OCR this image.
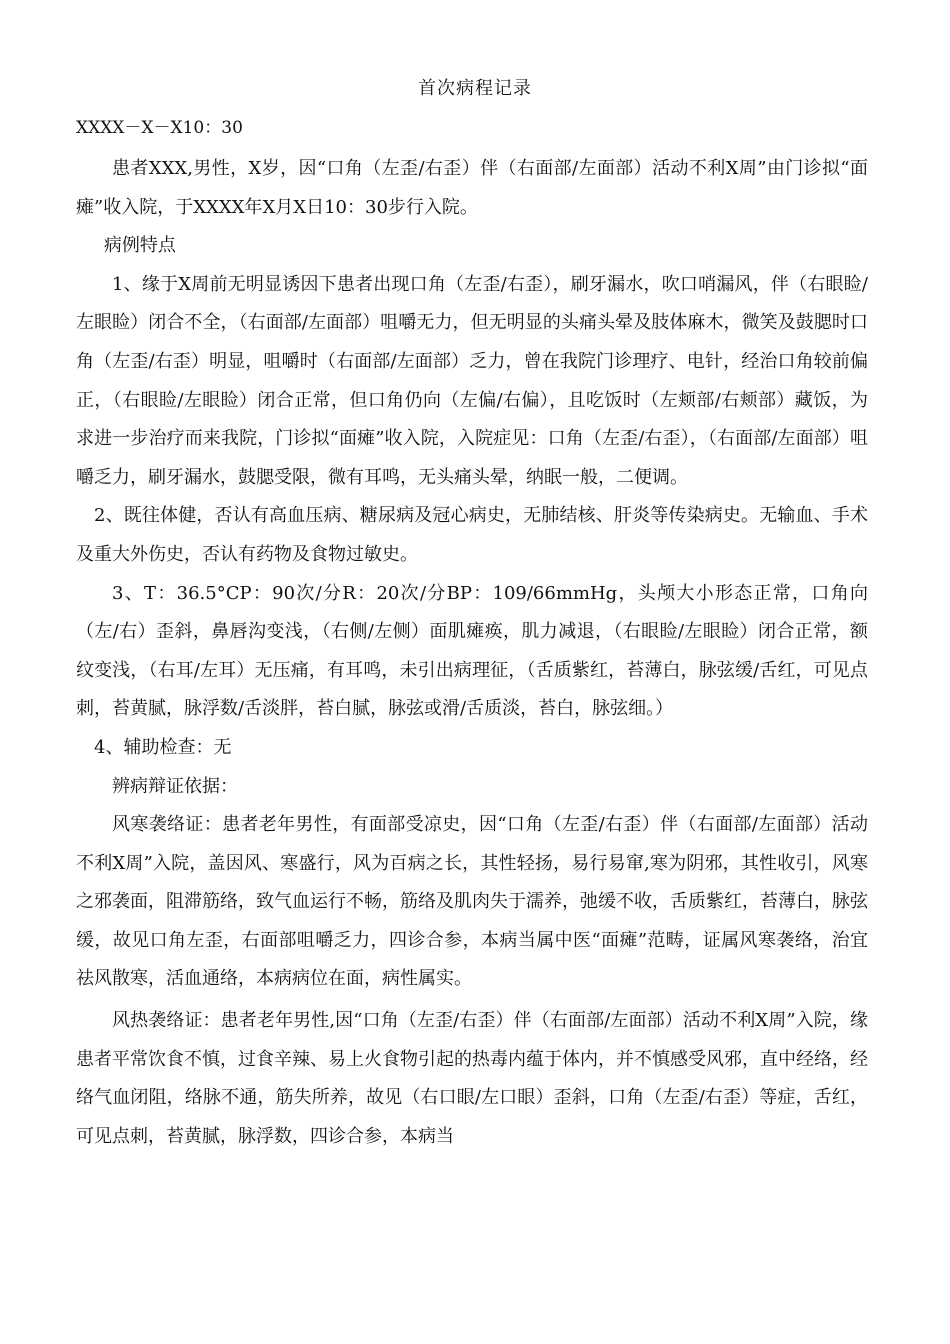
首次病程记录
XXXX－X－X10：30

患者XXX,男性，X岁，因“口角（左歪/右歪）伴（右面部/左面部）活动不利X周”由门诊拟“面瘫”收入院，于XXXX年X月X日10：30步行入院。

病例特点

1、缘于X周前无明显诱因下患者出现口角（左歪/右歪），刷牙漏水，吹口哨漏风，伴（右眼睑/左眼睑）闭合不全，（右面部/左面部）咀嚼无力，但无明显的头痛头晕及肢体麻木，微笑及鼓腮时口角（左歪/右歪）明显，咀嚼时（右面部/左面部）乏力，曾在我院门诊理疗、电针，经治口角较前偏正，（右眼睑/左眼睑）闭合正常，但口角仍向（左偏/右偏），且吃饭时（左颊部/右颊部）藏饭，为求进一步治疗而来我院，门诊拟“面瘫”收入院，入院症见：口角（左歪/右歪），（右面部/左面部）咀嚼乏力，刷牙漏水，鼓腮受限，微有耳鸣，无头痛头晕，纳眠一般，二便调。

2、既往体健，否认有高血压病、糖尿病及冠心病史，无肺结核、肝炎等传染病史。无输血、手术及重大外伤史，否认有药物及食物过敏史。

3、T：36.5°CP：90次/分R：20次/分BP：109/66mmHg，头颅大小形态正常，口角向（左/右）歪斜，鼻唇沟变浅，（右侧/左侧）面肌瘫痪，肌力减退，（右眼睑/左眼睑）闭合正常，额纹变浅，（右耳/左耳）无压痛，有耳鸣，未引出病理征，（舌质紫红，苔薄白，脉弦缓/舌红，可见点刺，苔黄腻，脉浮数/舌淡胖，苔白腻，脉弦或滑/舌质淡，苔白，脉弦细。）

4、辅助检查：无

辨病辩证依据：

风寒袭络证：患者老年男性，有面部受凉史，因“口角（左歪/右歪）伴（右面部/左面部）活动不利X周”入院，盖因风、寒盛行，风为百病之长，其性轻扬，易行易窜,寒为阴邪，其性收引，风寒之邪袭面，阻滞筋络，致气血运行不畅，筋络及肌肉失于濡养，弛缓不收，舌质紫红，苔薄白，脉弦缓，故见口角左歪，右面部咀嚼乏力，四诊合参，本病当属中医“面瘫”范畴，证属风寒袭络，治宜祛风散寒，活血通络，本病病位在面，病性属实。

风热袭络证：患者老年男性,因“口角（左歪/右歪）伴（右面部/左面部）活动不利X周”入院，缘患者平常饮食不慎，过食辛辣、易上火食物引起的热毒内蕴于体内，并不慎感受风邪，直中经络，经络气血闭阻，络脉不通，筋失所养，故见（右口眼/左口眼）歪斜，口角（左歪/右歪）等症，舌红，可见点刺，苔黄腻，脉浮数，四诊合参，本病当
